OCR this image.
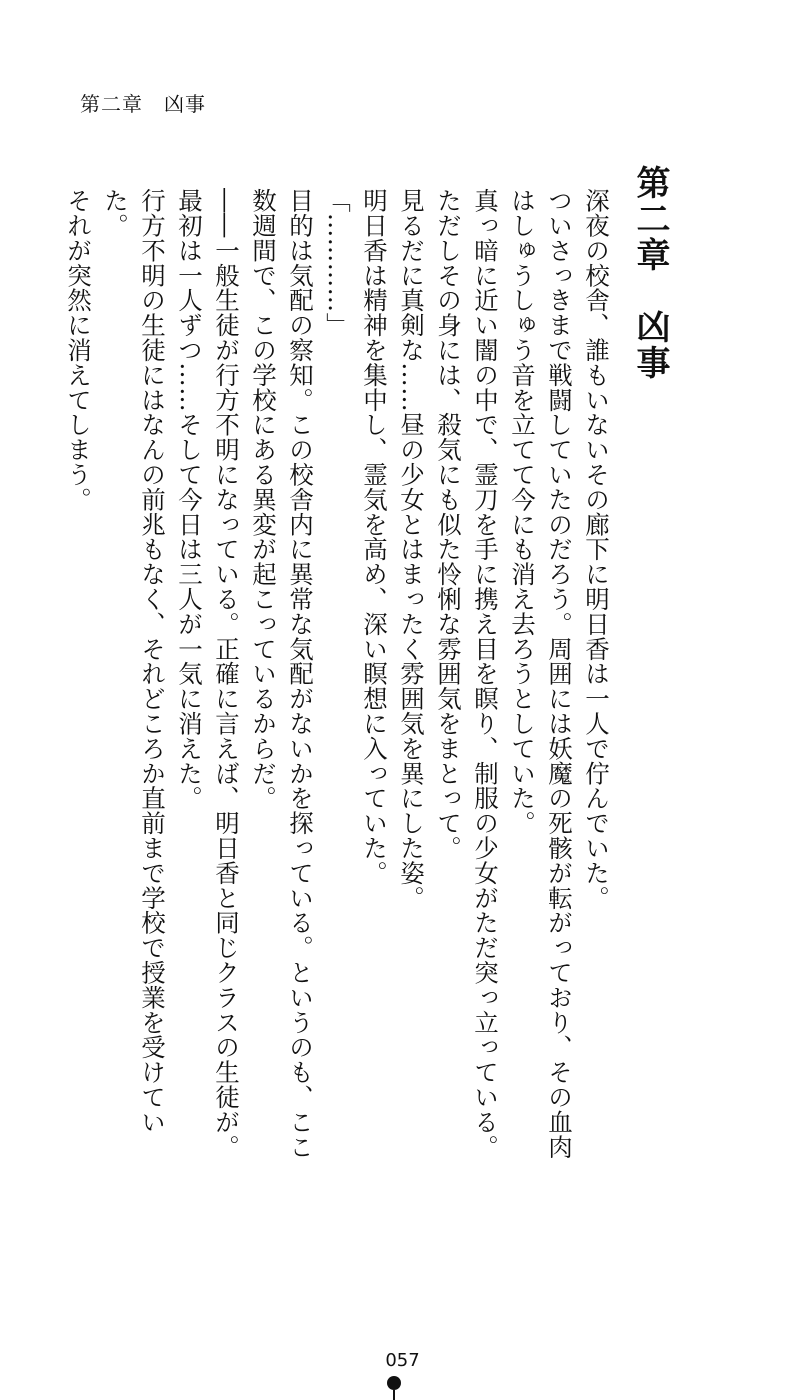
第二章　凶事
第二章　凶事

深夜の校舎、誰もいないその廊下に明日香は一人で佇んでいた。

ついさっきまで戦闘していたのだろう。周囲には妖魔の死骸が転がっており、その血肉はしゅうしゅう音を立てて今にも消え去ろうとしていた。

真っ暗に近い闇の中で、霊刀を手に携え目を瞑り、制服の少女がただ突っ立っている。

ただしその身には、殺気にも似た怜悧な雰囲気をまとって。

見るだに真剣な……昼の少女とはまったく雰囲気を異にした姿。

明日香は精神を集中し、霊気を高め、深い瞑想に入っていた。

「…………」

目的は気配の察知。この校舎内に異常な気配がないかを探っている。というのも、ここ数週間で、この学校にある異変が起こっているからだ。

――一般生徒が行方不明になっている。正確に言えば、明日香と同じクラスの生徒が。

最初は一人ずつ……そして今日は三人が一気に消えた。

行方不明の生徒にはなんの前兆もなく、それどころか直前まで学校で授業を受けていた。

それが突然に消えてしまう。

057
